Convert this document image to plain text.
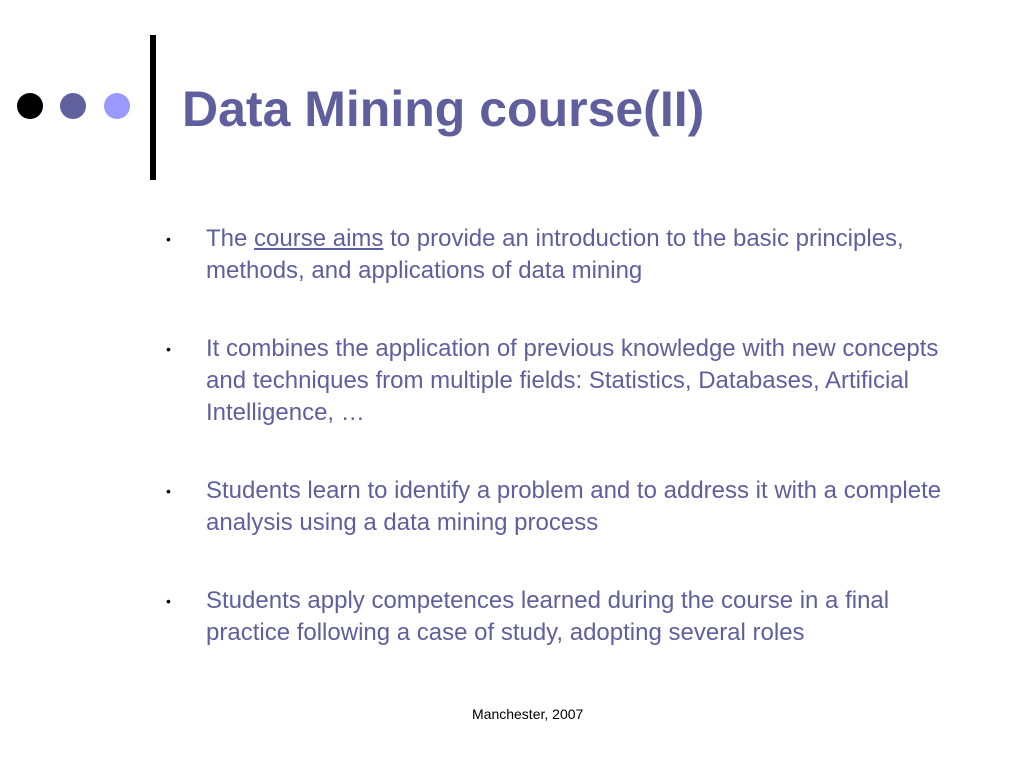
Data Mining course(II)
• The course aims to provide an introduction to the basic principles, methods, and applications of data mining
• It combines the application of previous knowledge with new concepts and techniques from multiple fields: Statistics, Databases, Artificial Intelligence, …
• Students learn to identify a problem and to address it with a complete analysis using a data mining process
• Students apply competences learned during the course in a final practice following a case of study, adopting several roles
Manchester, 2007
